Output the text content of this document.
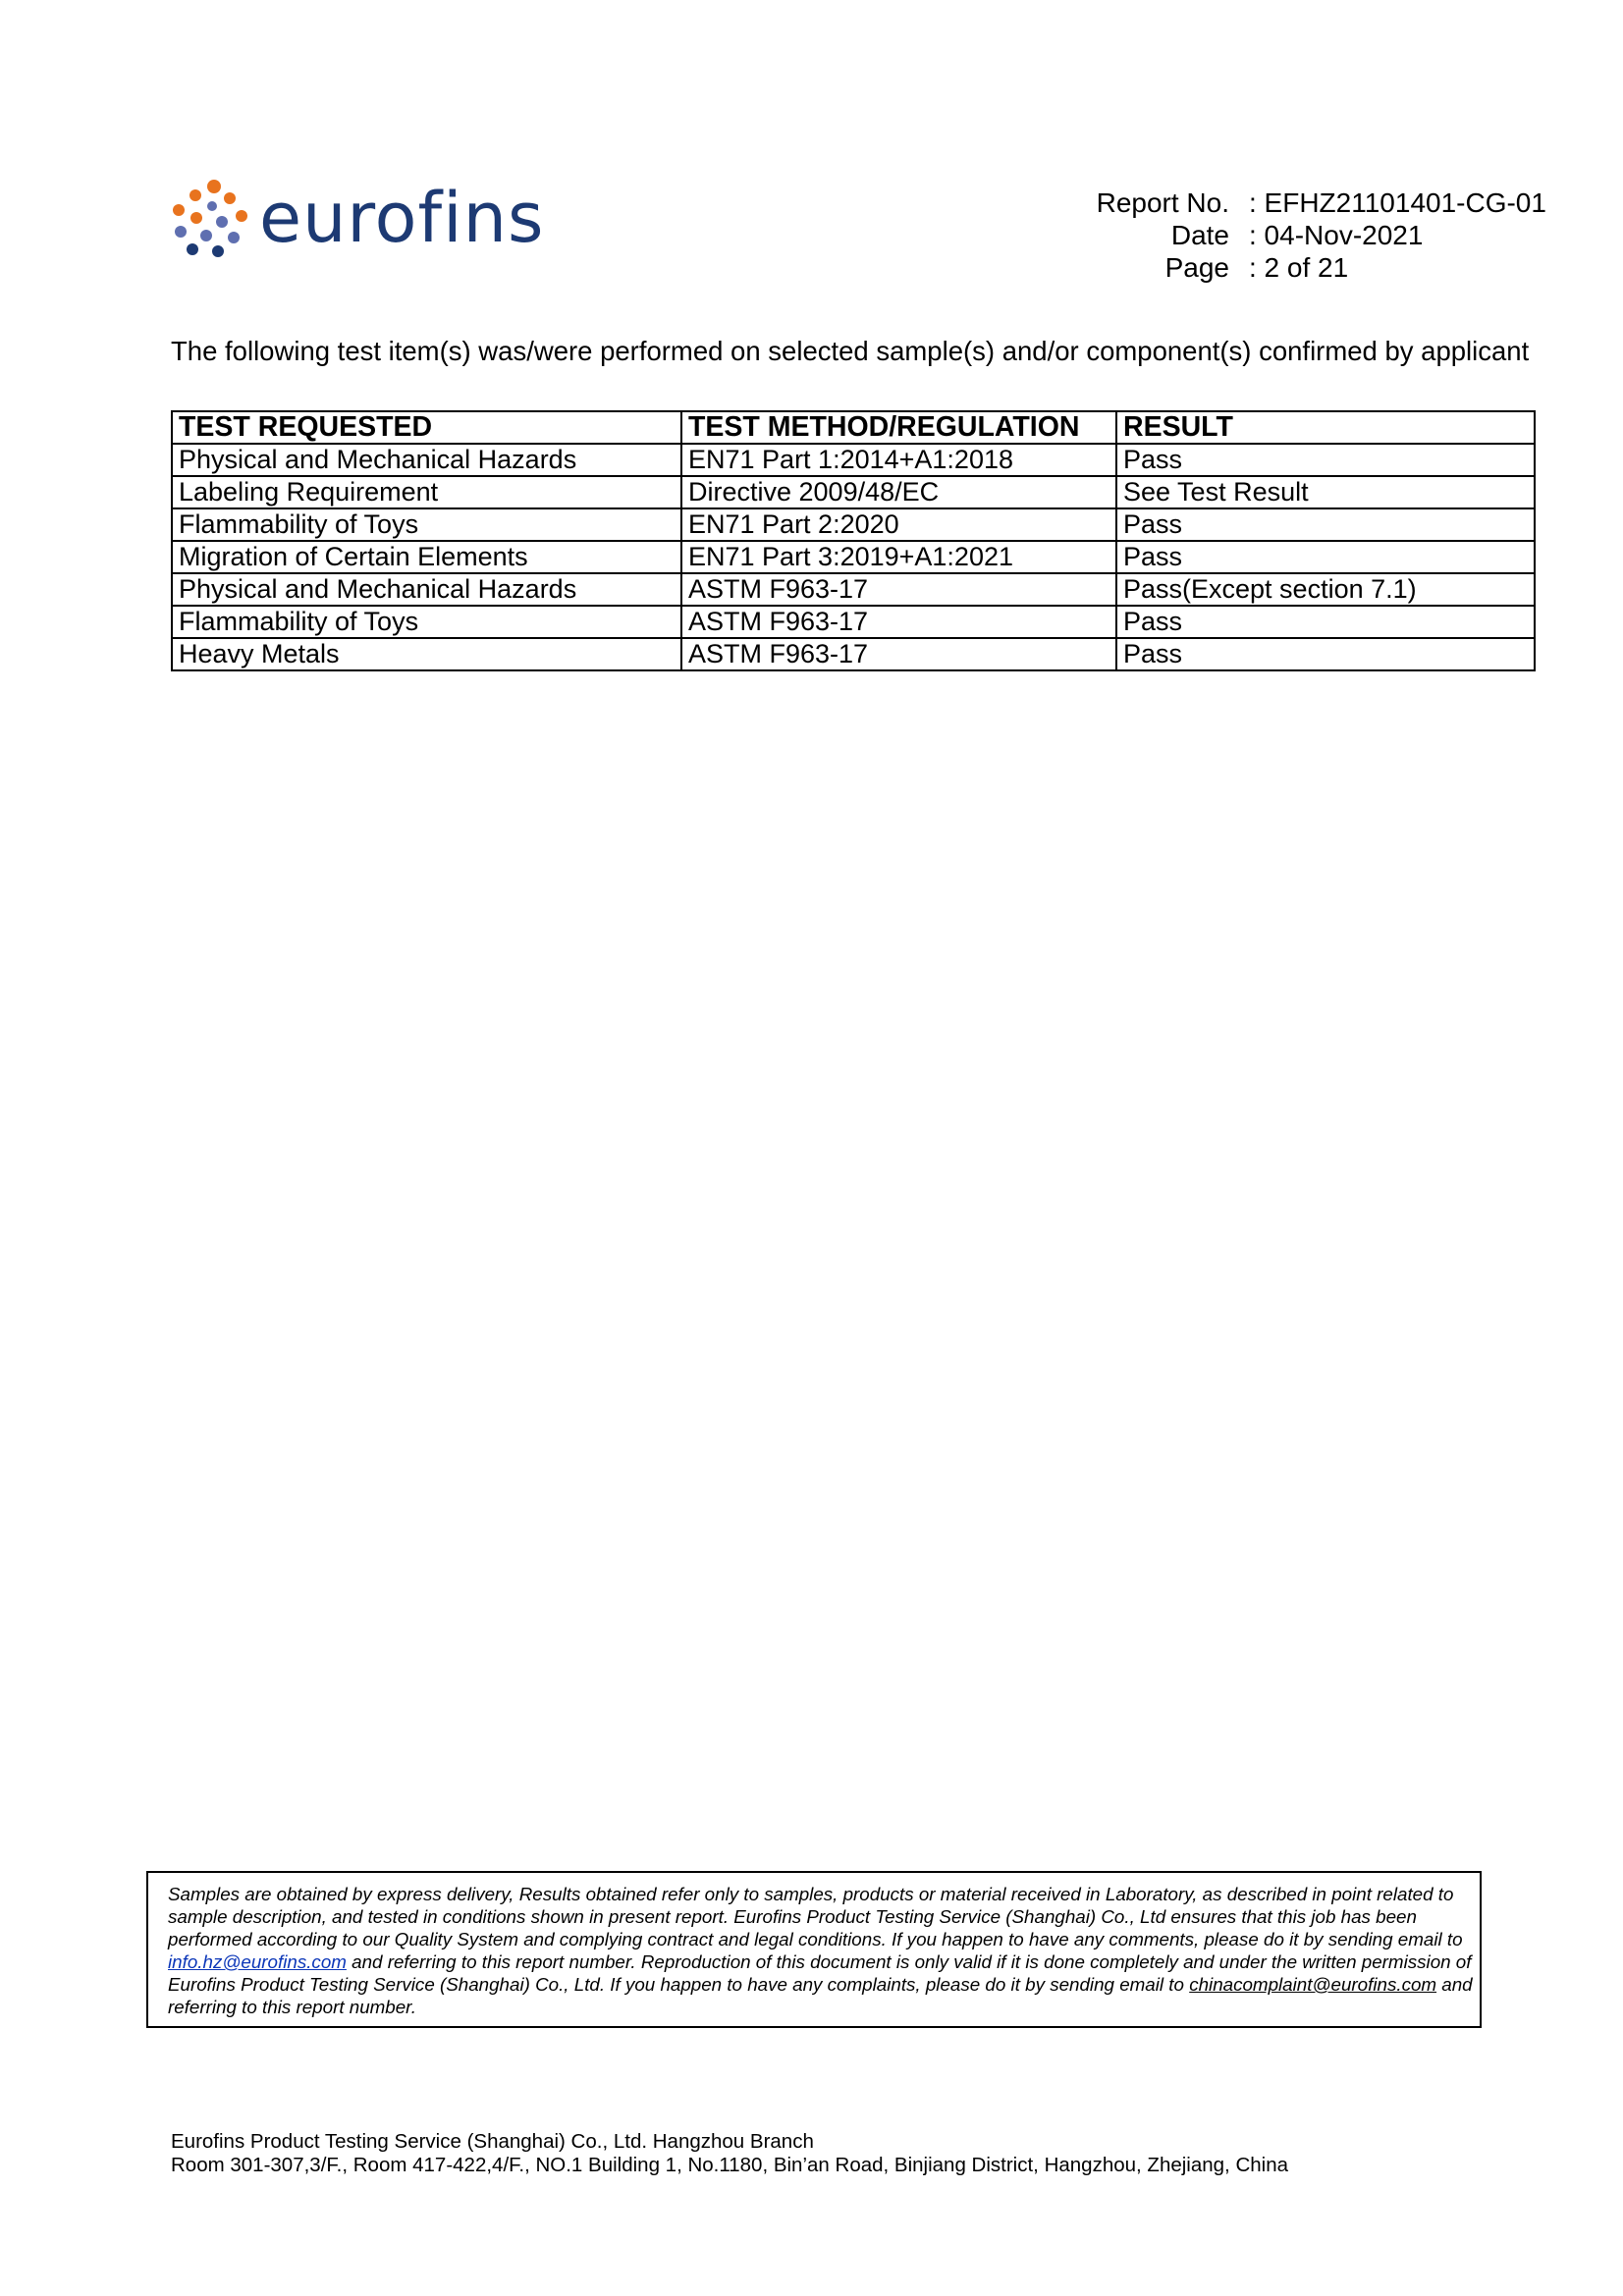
eurofins	Report No. : EFHZ21101401-CG-01
Date : 04-Nov-2021
Page : 2 of 21
The following test item(s) was/were performed on selected sample(s) and/or component(s) confirmed by applicant
TEST REQUESTED	TEST METHOD/REGULATION	RESULT
Physical and Mechanical Hazards	EN71 Part 1:2014+A1:2018	Pass
Labeling Requirement	Directive 2009/48/EC	See Test Result
Flammability of Toys	EN71 Part 2:2020	Pass
Migration of Certain Elements	EN71 Part 3:2019+A1:2021	Pass
Physical and Mechanical Hazards	ASTM F963-17	Pass(Except section 7.1)
Flammability of Toys	ASTM F963-17	Pass
Heavy Metals	ASTM F963-17	Pass

Samples are obtained by express delivery, Results obtained refer only to samples, products or material received in Laboratory, as described in point related to sample description, and tested in conditions shown in present report. Eurofins Product Testing Service (Shanghai) Co., Ltd ensures that this job has been performed according to our Quality System and complying contract and legal conditions. If you happen to have any comments, please do it by sending email to info.hz@eurofins.com and referring to this report number. Reproduction of this document is only valid if it is done completely and under the written permission of Eurofins Product Testing Service (Shanghai) Co., Ltd. If you happen to have any complaints, please do it by sending email to chinacomplaint@eurofins.com and referring to this report number.

Eurofins Product Testing Service (Shanghai) Co., Ltd. Hangzhou Branch
Room 301-307,3/F., Room 417-422,4/F., NO.1 Building 1, No.1180, Bin’an Road, Binjiang District, Hangzhou, Zhejiang, China
